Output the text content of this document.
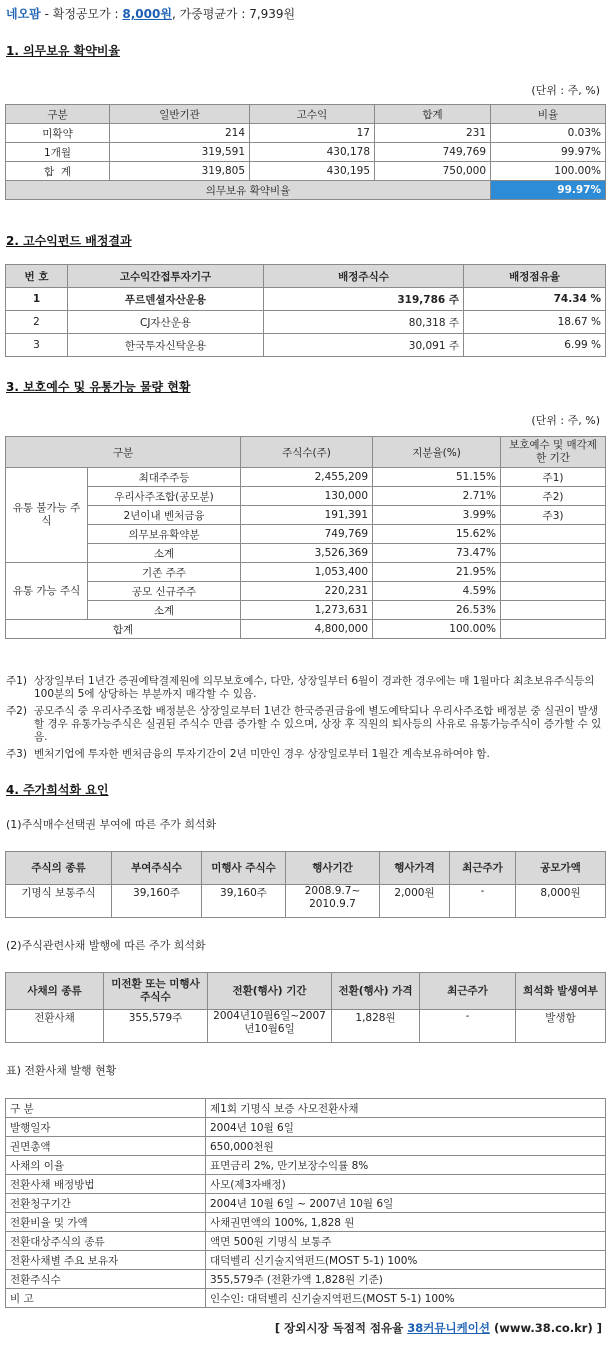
네오팜 - 확정공모가 : 8,000원, 가중평균가 : 7,939원
1. 의무보유 확약비율
(단위 : 주, %)
구분	일반기관	고수익	합계	비율
미확약	214	17	231	0.03%
1개월	319,591	430,178	749,769	99.97%
합  계	319,805	430,195	750,000	100.00%
의무보유 확약비율				99.97%
2. 고수익펀드 배정결과
번 호	고수익간접투자기구	배정주식수	배정점유율
1	푸르덴셜자산운용	319,786 주	74.34 %
2	CJ자산운용	80,318 주	18.67 %
3	한국투자신탁운용	30,091 주	6.99 %
3. 보호예수 및 유통가능 물량 현황
(단위 : 주, %)
구분		주식수(주)	지분율(%)	보호예수 및 매각제한 기간
유통 불가능 주식	최대주주등	2,455,209	51.15%	주1)
	우리사주조합(공모분)	130,000	2.71%	주2)
	2년이내 벤처금융	191,391	3.99%	주3)
	의무보유확약분	749,769	15.62%	
	소계	3,526,369	73.47%	
유통 가능 주식	기존 주주	1,053,400	21.95%	
	공모 신규주주	220,231	4.59%	
	소계	1,273,631	26.53%	
합계		4,800,000	100.00%	
주1) 상장일부터 1년간 증권예탁결제원에 의무보호예수, 다만, 상장일부터 6월이 경과한 경우에는 매 1월마다 최초보유주식등의 100분의 5에 상당하는 부분까지 매각할 수 있음.
주2) 공모주식 중 우리사주조합 배정분은 상장일로부터 1년간 한국증권금융에 별도예탁되나 우리사주조합 배정분 중 실권이 발생할 경우 유통가능주식은 실권된 주식수 만큼 증가할 수 있으며, 상장 후 직원의 퇴사등의 사유로 유통가능주식이 증가할 수 있음.
주3) 벤처기업에 투자한 벤처금융의 투자기간이 2년 미만인 경우 상장일로부터 1월간 계속보유하여야 함.
4. 주가희석화 요인
(1)주식매수선택권 부여에 따른 주가 희석화
주식의 종류	부여주식수	미행사 주식수	행사기간	행사가격	최근주가	공모가액
기명식 보통주식	39,160주	39,160주	2008.9.7~ 2010.9.7	2,000원	-	8,000원
(2)주식관련사채 발행에 따른 주가 희석화
사채의 종류	미전환 또는 미행사 주식수	전환(행사) 기간	전환(행사) 가격	최근주가	희석화 발생여부
전환사채	355,579주	2004년10월6일~2007년10월6일	1,828원	-	발생함
표) 전환사채 발행 현황
구 분	제1회 기명식 보증 사모전환사채
발행일자	2004년 10월 6일
권면총액	650,000천원
사채의 이율	표면금리 2%, 만기보장수익률 8%
전환사채 배정방법	사모(제3자배정)
전환청구기간	2004년 10월 6일 ~ 2007년 10월 6일
전환비율 및 가액	사채권면액의 100%, 1,828 원
전환대상주식의 종류	액면 500원 기명식 보통주
전환사채별 주요 보유자	대덕벨리 신기술지역펀드(MOST 5-1) 100%
전환주식수	355,579주 (전환가액 1,828원 기준)
비 고	인수인: 대덕벨리 신기술지역펀드(MOST 5-1) 100%
[ 장외시장 독점적 점유율 38커뮤니케이션 (www.38.co.kr) ]
